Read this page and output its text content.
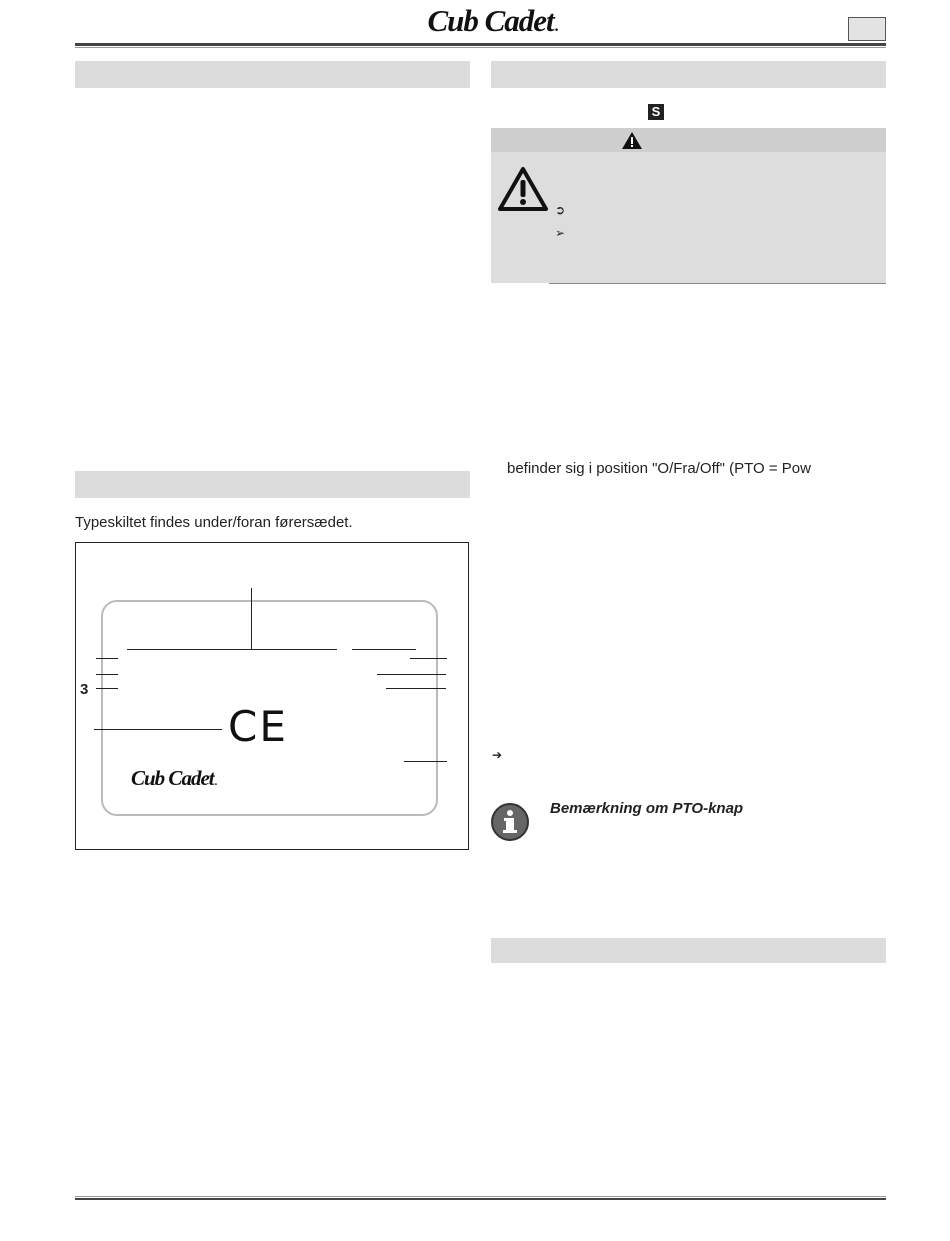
Cub Cadet.
Typeskiltet findes under/foran førersædet.
3
CE
Cub Cadet.
S
➲
➢
befinder sig i position "O/Fra/Off" (PTO = Pow
➔
Bemærkning om PTO-knap
